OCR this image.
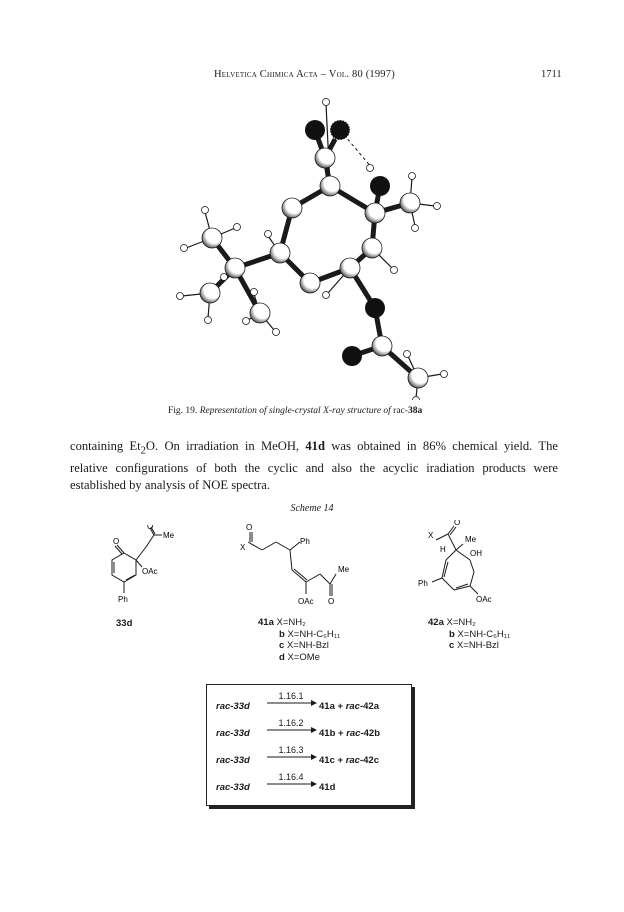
Helvetica Chimica Acta – Vol. 80 (1997)	1711
Fig. 19. Representation of single-crystal X-ray structure of rac-38a
containing $Et_2O$. On irradiation in MeOH, 41d was obtained in 86% chemical yield. The relative configurations of both the cyclic and also the acyclic iradiation products were established by analysis of NOE spectra.
Scheme 14
O
O
Me
OAc
Ph
33d
O
X
Ph
Me
OAc O
41a X=NH₂
b X=NH-C₆H₁₁
c X=NH-Bzl
d X=OMe
X
O
H
Me
OH
Ph
OAc
42a X=NH₂
b X=NH-C₆H₁₁
c X=NH-Bzl
rac-33d
1.16.1
41a + rac-42a
rac-33d
1.16.2
41b + rac-42b
rac-33d
1.16.3
41c + rac-42c
rac-33d
1.16.4
41d
